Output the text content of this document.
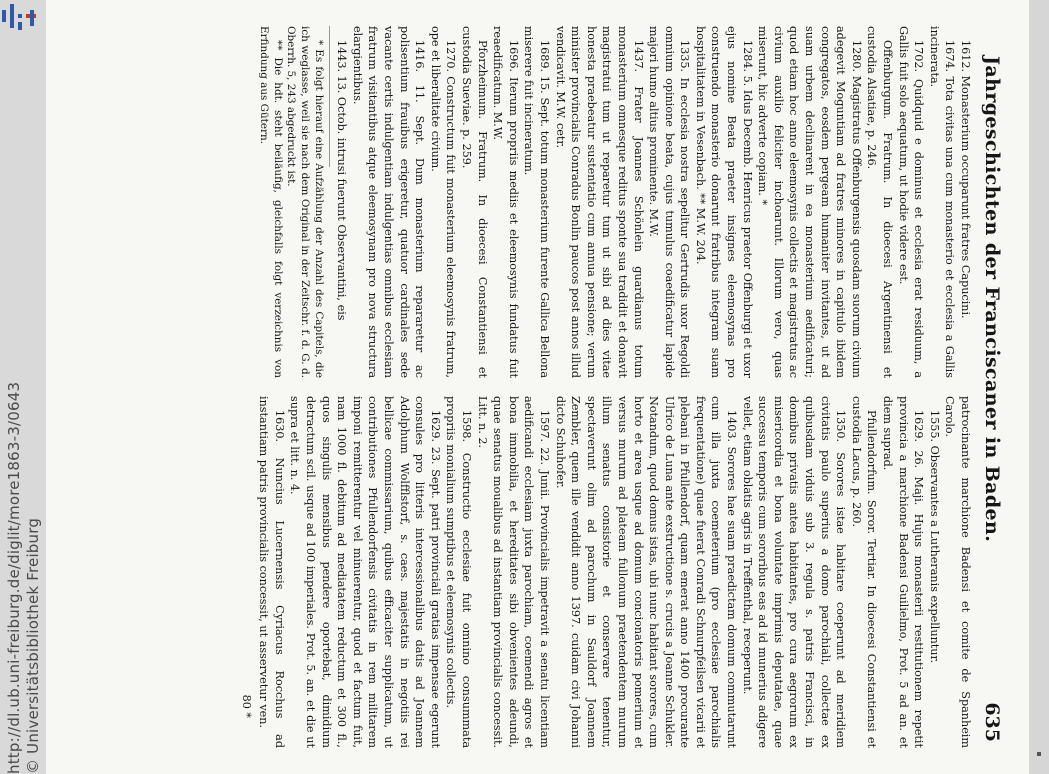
http://dl.ub.uni-freiburg.de/diglit/more1863-3/0643
© Universitätsbibliothek Freiburg
Jahrgeschichten der Franciscaner in Baden.
635

1612. Monasterium occuparunt fratres Capucini.

1674. Tota civitas una cum monasterio et ecclesia a Gallis incinerata.

1702. Quidquid e dominus et ecclesia erat residuum, a Gallis fuit solo aequatum, ut hodie videre est.

Offenburgum. Fratrum. In dioecesi Argentinensi et custodia Alsatiae, p. 246.

1280. Magistratus Offenburgensis quosdam suorum civium adegevit Moguntiam ad fratres minores in capitulo ibidem congregatos, eosdem pergeam humaniter invitantes, ut ad suam urbem declinarent in ea monasterium aedificaturi; quod etiam hoc anno eleemosynis collectis et magistratus ac civium auxilio feliciter inchoarunt. Illorum vero, quas miserunt, hic adverte copiam. *

1284. 5. Idus Decemb. Henricus praetor Offenburgi et uxor ejus nomine Beata praeter insignes eleemosynas pro construendo monasterio donarunt fratribus integram suam hospitalitatem in Vesenbach. ** M.W. 204.

1335. In ecclesia nostra sepelitur Gertrudis uxor Regoldi omnium opinione beata, cujus tumulus coaedificatur lapide majori humo altius prominente. M.W.

1437. Frater Joannes Schönlein guardianus totum monasterium omnesque reditus sponte sua tradidit et donavit magistratui tum ut reparetur tum ut sibi ad dies vitae honesta praebeatur sustentatio cum annua pensione; verum minister provincialis Conradus Bonlin paucos post annos illud vendicavit. M.W. cetr.

1689. 15. Sept. totum monasterium furente Gallica Bellona miserere fuit incineratum.

1696. Iterum propriis mediis et eleemosynis fundatus fuit reaedificatum. M.W.

Pforzheimum. Fratrum. In dioecesi Constantiensi et custodia Sueviae. p. 259.

1270. Constructum fuit monasterium eleemosynis fratrum, ope et liberalitate civium.

1416. 11. Sept. Dum monasterium repararetur ac polisentium frauibus erigeretur, quatuor cardinales sede vacante certis indulgentiam indulgentias omnibus ecclesiam fratrum visitantibus atque eleemosynam pro nova structura elargientibus.

1443. 13. Octob. intrusi fuerunt Observantini, eis

* Es folgt hierauf eine Aufzählung der Anzahl des Capitels, die ich weglasse, weil sie nach dem Original in der Zeitschr. f. d. G. d. Oberrh. 5, 243 abgedruckt ist.

** Die hdt. steht beiläufig, gleichfalls folgt verzeichnis von Erfindung aus Gütern.

patrocinante marchione Badensi et comite de Spanheim Carolo.

1555. Observantes a Lutheranis expelluntur.

1629. 26. Maji. Hujus monasterii restitutionem repetit provincia a marchione Badensi Guilielmo, Prot. 5 ad an. et diem suprad.

Pfullendorfum. Soror. Tertiar. In dioecesi Constantiensi et custodia Lacus, p. 260.

1350. Sorores istae habitare coeperunt ad meridiem civitatis paulo superius a domo parochiali, collectae ex quibusdam viduis sub 3. regula s. patris Francisci, in domibus privatis antea habitantes, pro cura aegrorum ex misericordia et bona voluntate imprimis deputatae, quae successu temporis cum sororibus eas ad id munerius adigere vellet, etiam oblatis agris in Treffenthal, receperunt.

1403. Sorores hae suam praedictam domum commutarunt cum illa juxta coemeterium (pro ecclesiae parochialis frequentatione) quae fuerat Conradi Schnurpfeilsen vicarii et plebani in Pfullendorf, quam emerat anno 1400 procurante Ulrico de Luna ante exstructione s. crucis a Joanne Schukler. Notandum, quod domus istas, ubi nunc habitant sorores, cum horto et area usque ad domum concionatoris pomerium et versus murum ad plateam fullonum praetendentem murum illum senatus consistorie et conservare tenentur, spectaverunt olim ad parochum in Sauldorf Joannem Zembler, quem ille vendidit anno 1397. cuidam civi Johanni dicto Schuhofer.

1597. 22. Junii. Provincialis impetravit a senatu licentiam aedificandi ecclesiam juxta parochiam, coemendi agros et bona immobilia, et hereditates sibi obvenientes adeundi, quae senatus moualibus ad instantiam provincialis concessit. Litt. n. 2.

1598. Constructio ecclesiae fuit omnino consummata propriis monialium sumptibus et eleemosynis collectis.

1629. 23. Sept. patri provinciali gratias impensae egerunt consules pro litteris intercessionalibus datis ad Joannem Adolphum Wolfflstorf, s. caes. majestatis in negotiis rei bellicae commissarium, quibus efficaciter supplicatum, ut contributiones Pfullendorfensis civitatis in rem militarem imponi remitterentur vel minuerentur, quod et factum fuit, nam 1000 fl. debitum ad mediatatem reductum et 300 fl., quos singulis mensibus pendere oportebat, dimidium detractum scil. usque ad 100 imperiales. Prot. 5. an. et die ut supra et litt. n. 4.

1630. Nuncius Lucernensis Cyriacus Rocchus ad instantiam patris provincialis concessit, ut asservetur ven.

80 *
